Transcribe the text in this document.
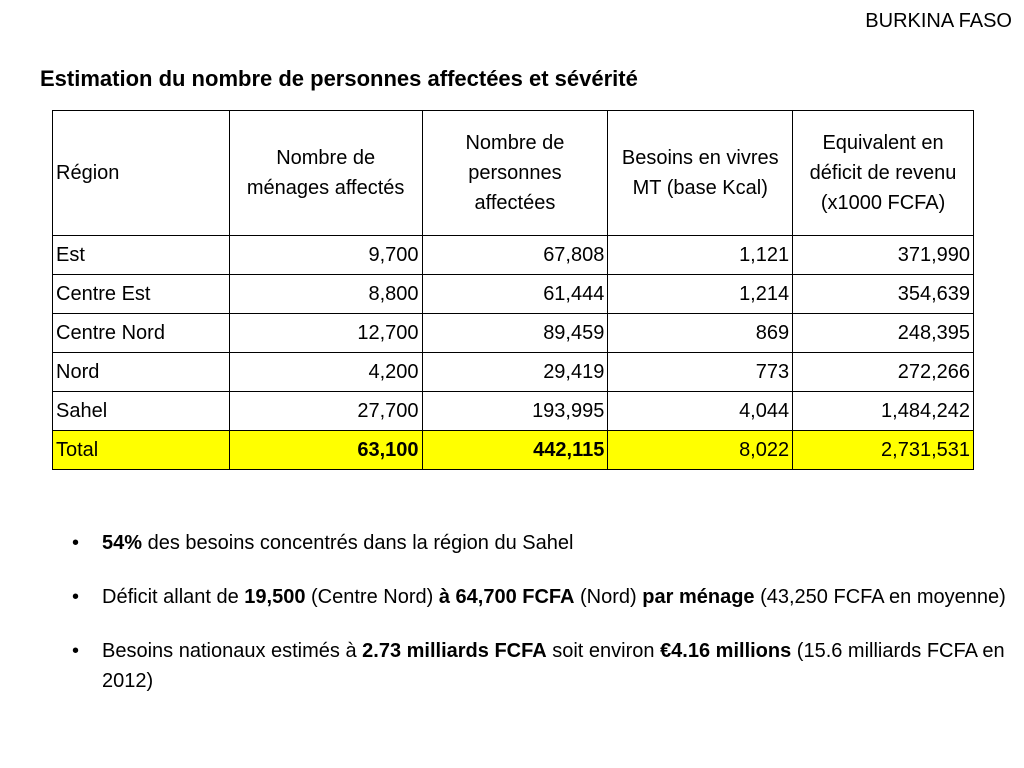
BURKINA FASO
Estimation du nombre de personnes affectées et sévérité
Région	Nombre de ménages affectés	Nombre de personnes affectées	Besoins en vivres MT (base Kcal)	Equivalent en déficit de revenu (x1000 FCFA)
Est	9,700	67,808	1,121	371,990
Centre Est	8,800	61,444	1,214	354,639
Centre Nord	12,700	89,459	869	248,395
Nord	4,200	29,419	773	272,266
Sahel	27,700	193,995	4,044	1,484,242
Total	63,100	442,115	8,022	2,731,531
• 54% des besoins concentrés dans la région du Sahel
• Déficit allant de 19,500 (Centre Nord) à 64,700 FCFA (Nord) par ménage (43,250 FCFA en moyenne)
• Besoins nationaux estimés à 2.73 milliards FCFA soit environ €4.16 millions (15.6 milliards FCFA en 2012)
